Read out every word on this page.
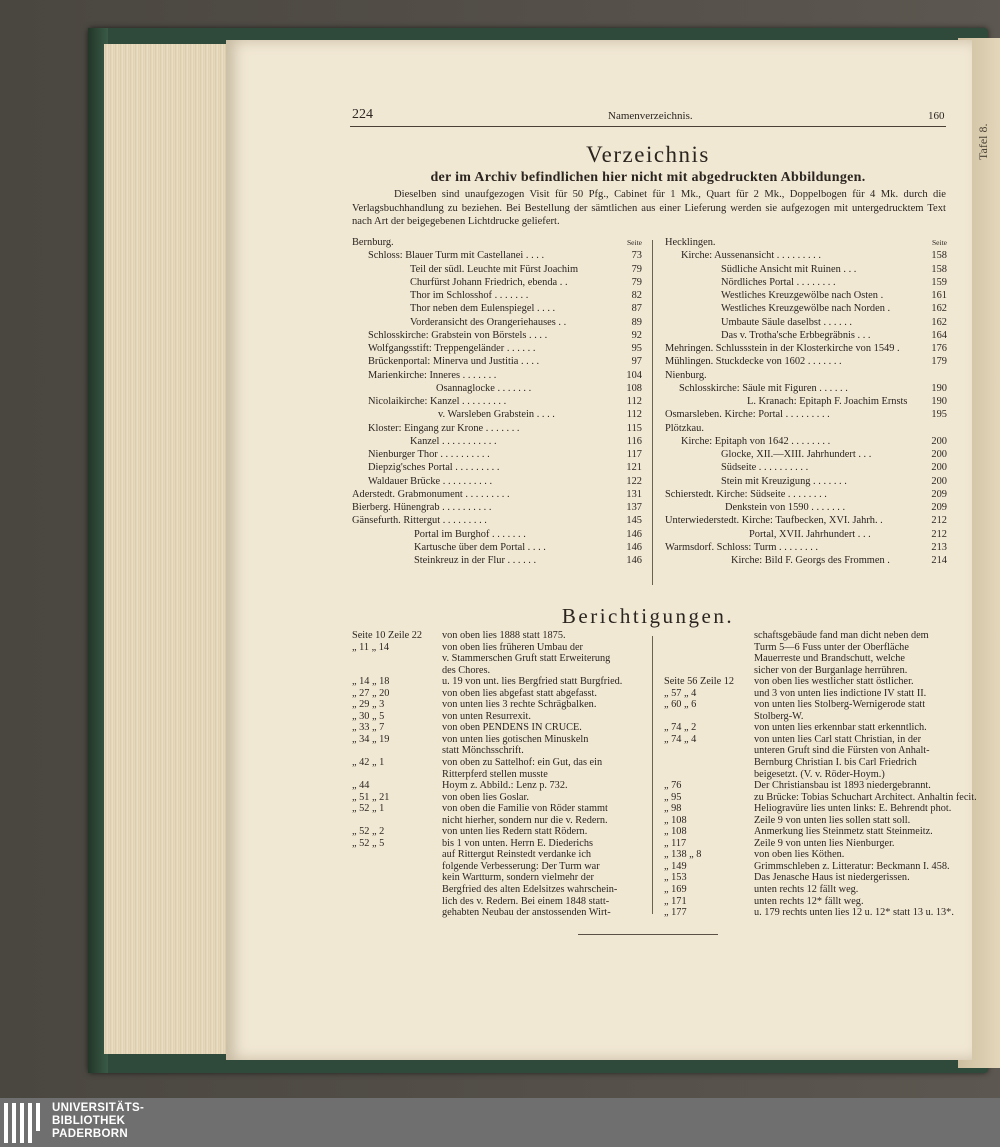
Tafel 8.
224	Namenverzeichnis.	160
Verzeichnis
der im Archiv befindlichen hier nicht mit abgedruckten Abbildungen.
Dieselben sind unaufgezogen Visit für 50 Pfg., Cabinet für 1 Mk., Quart für 2 Mk., Doppelbogen für 4 Mk. durch die Verlagsbuchhandlung zu beziehen. Bei Bestellung der sämtlichen aus einer Lieferung werden sie aufgezogen mit untergedrucktem Text nach Art der beigegebenen Lichtdrucke geliefert.
Bernburg.	Seite
Schloss: Blauer Turm mit Castellanei . . . .	73
Teil der südl. Leuchte mit Fürst Joachim	79
Churfürst Johann Friedrich, ebenda . .	79
Thor im Schlosshof . . . . . . .	82
Thor neben dem Eulenspiegel . . . .	87
Vorderansicht des Orangeriehauses . .	89
Schlosskirche: Grabstein von Börstels . . . .	92
Wolfgangsstift: Treppengeländer . . . . . .	95
Brückenportal: Minerva und Justitia . . . .	97
Marienkirche: Inneres . . . . . . .	104
Osannaglocke . . . . . . .	108
Nicolaikirche: Kanzel . . . . . . . . .	112
v. Warsleben Grabstein . . . .	112
Kloster: Eingang zur Krone . . . . . . .	115
Kanzel . . . . . . . . . . .	116
Nienburger Thor . . . . . . . . . .	117
Diepzig'sches Portal . . . . . . . . .	121
Waldauer Brücke . . . . . . . . . .	122
Aderstedt. Grabmonument . . . . . . . . .	131
Bierberg. Hünengrab . . . . . . . . . .	137
Gänsefurth. Rittergut . . . . . . . . .	145
Portal im Burghof . . . . . . .	146
Kartusche über dem Portal . . . .	146
Steinkreuz in der Flur . . . . . .	146
Hecklingen.	Seite
Kirche: Aussenansicht . . . . . . . . .	158
Südliche Ansicht mit Ruinen . . .	158
Nördliches Portal . . . . . . . .	159
Westliches Kreuzgewölbe nach Osten .	161
Westliches Kreuzgewölbe nach Norden .	162
Umbaute Säule daselbst . . . . . .	162
Das v. Trotha'sche Erbbegräbnis . . .	164
Mehringen. Schlussstein in der Klosterkirche von 1549 .	176
Mühlingen. Stuckdecke von 1602 . . . . . . .	179
Nienburg.
Schlosskirche: Säule mit Figuren . . . . . .	190
L. Kranach: Epitaph F. Joachim Ernsts 190
Osmarsleben. Kirche: Portal . . . . . . . . .	195
Plötzkau.
Kirche: Epitaph von 1642 . . . . . . . .	200
Glocke, XII.—XIII. Jahrhundert . . .	200
Südseite . . . . . . . . . .	200
Stein mit Kreuzigung . . . . . . .	200
Schierstedt. Kirche: Südseite . . . . . . . .	209
Denkstein von 1590 . . . . . . .	209
Unterwiederstedt. Kirche: Taufbecken, XVI. Jahrh. .	212
Portal, XVII. Jahrhundert . . .	212
Warmsdorf. Schloss: Turm . . . . . . . .	213
Kirche: Bild F. Georgs des Frommen .	214
Berichtigungen.
Seite 10 Zeile 22	von oben lies 1888 statt 1875.
„ 11 „ 14	von oben lies früheren Umbau der
v. Stammerschen Gruft statt Erweiterung
des Chores.
„ 14 „ 18	u. 19 von unt. lies Bergfried statt Burgfried.
„ 27 „ 20	von oben lies abgefast statt abgefasst.
„ 29 „ 3	von unten lies 3 rechte Schrägbalken.
„ 30 „ 5	von unten Resurrexit.
„ 33 „ 7	von oben PENDENS IN CRUCE.
„ 34 „ 19	von unten lies gotischen Minuskeln
statt Mönchsschrift.
„ 42 „ 1	von oben zu Sattelhof: ein Gut, das ein
Ritterpferd stellen musste
„ 44	Hoym z. Abbild.: Lenz p. 732.
„ 51 „ 21	von oben lies Goslar.
„ 52 „ 1	von oben die Familie von Röder stammt
nicht hierher, sondern nur die v. Redern.
„ 52 „ 2	von unten lies Redern statt Rödern.
„ 52 „ 5	bis 1 von unten. Herrn E. Diederichs
auf Rittergut Reinstedt verdanke ich
folgende Verbesserung: Der Turm war
kein Wartturm, sondern vielmehr der
Bergfried des alten Edelsitzes wahrschein-
lich des v. Redern. Bei einem 1848 statt-
gehabten Neubau der anstossenden Wirt-
schaftsgebäude fand man dicht neben dem
Turm 5—6 Fuss unter der Oberfläche
Mauerreste und Brandschutt, welche
sicher von der Burganlage herrühren.
Seite 56 Zeile 12	von oben lies westlicher statt östlicher.
„ 57 „ 4	und 3 von unten lies indictione IV statt II.
„ 60 „ 6	von unten lies Stolberg-Wernigerode statt
Stolberg-W.
„ 74 „ 2	von unten lies erkennbar statt erkenntlich.
„ 74 „ 4	von unten lies Carl statt Christian, in der
unteren Gruft sind die Fürsten von Anhalt-
Bernburg Christian I. bis Carl Friedrich
beigesetzt. (V. v. Röder-Hoym.)
„ 76	Der Christiansbau ist 1893 niedergebrannt.
„ 95	zu Brücke: Tobias Schuchart Architect. Anhaltin fecit.
„ 98	Heliogravüre lies unten links: E. Behrendt phot.
„ 108	Zeile 9 von unten lies sollen statt soll.
„ 108	Anmerkung lies Steinmetz statt Steinmeitz.
„ 117	Zeile 9 von unten lies Nienburger.
„ 138 „ 8	von oben lies Köthen.
„ 149	Grimmschleben z. Litteratur: Beckmann I. 458.
„ 153	Das Jenasche Haus ist niedergerissen.
„ 169	unten rechts 12 fällt weg.
„ 171	unten rechts 12* fällt weg.
„ 177	u. 179 rechts unten lies 12 u. 12* statt 13 u. 13*.
UNIVERSITÄTS-
BIBLIOTHEK
PADERBORN
